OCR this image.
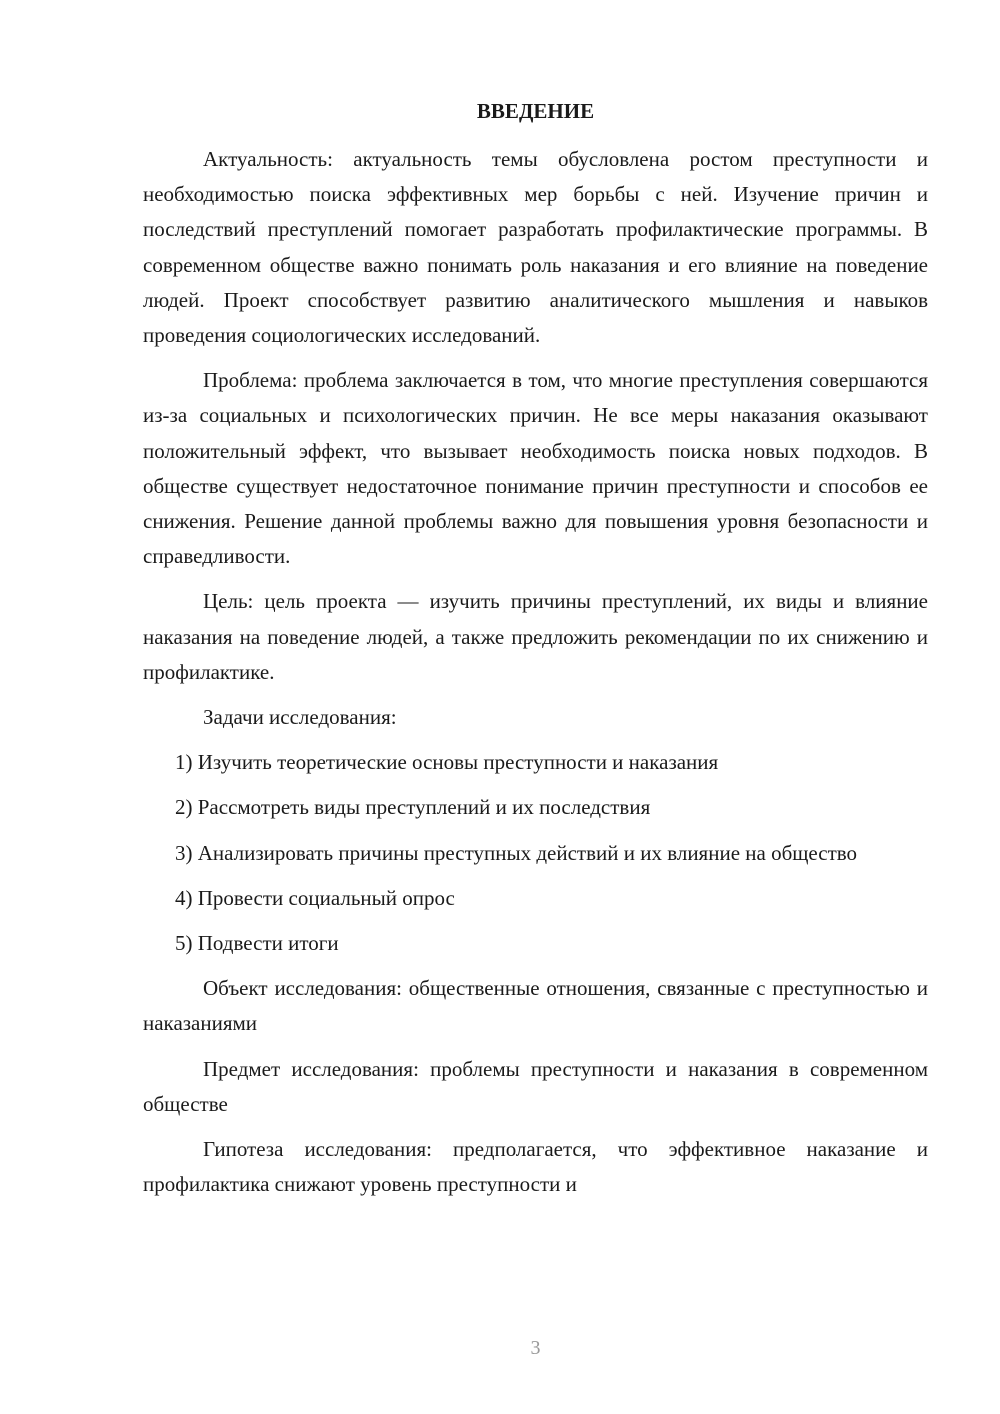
ВВЕДЕНИЕ

Актуальность: актуальность темы обусловлена ростом преступности и необходимостью поиска эффективных мер борьбы с ней. Изучение причин и последствий преступлений помогает разработать профилактические программы. В современном обществе важно понимать роль наказания и его влияние на поведение людей. Проект способствует развитию аналитического мышления и навыков проведения социологических исследований.

Проблема: проблема заключается в том, что многие преступления совершаются из-за социальных и психологических причин. Не все меры наказания оказывают положительный эффект, что вызывает необходимость поиска новых подходов. В обществе существует недостаточное понимание причин преступности и способов ее снижения. Решение данной проблемы важно для повышения уровня безопасности и справедливости.

Цель: цель проекта — изучить причины преступлений, их виды и влияние наказания на поведение людей, а также предложить рекомендации по их снижению и профилактике.

Задачи исследования:

1) Изучить теоретические основы преступности и наказания

2) Рассмотреть виды преступлений и их последствия

3) Анализировать причины преступных действий и их влияние на общество

4) Провести социальный опрос

5) Подвести итоги

Объект исследования: общественные отношения, связанные с преступностью и наказаниями

Предмет исследования: проблемы преступности и наказания в современном обществе

Гипотеза исследования: предполагается, что эффективное наказание и профилактика снижают уровень преступности и

3
